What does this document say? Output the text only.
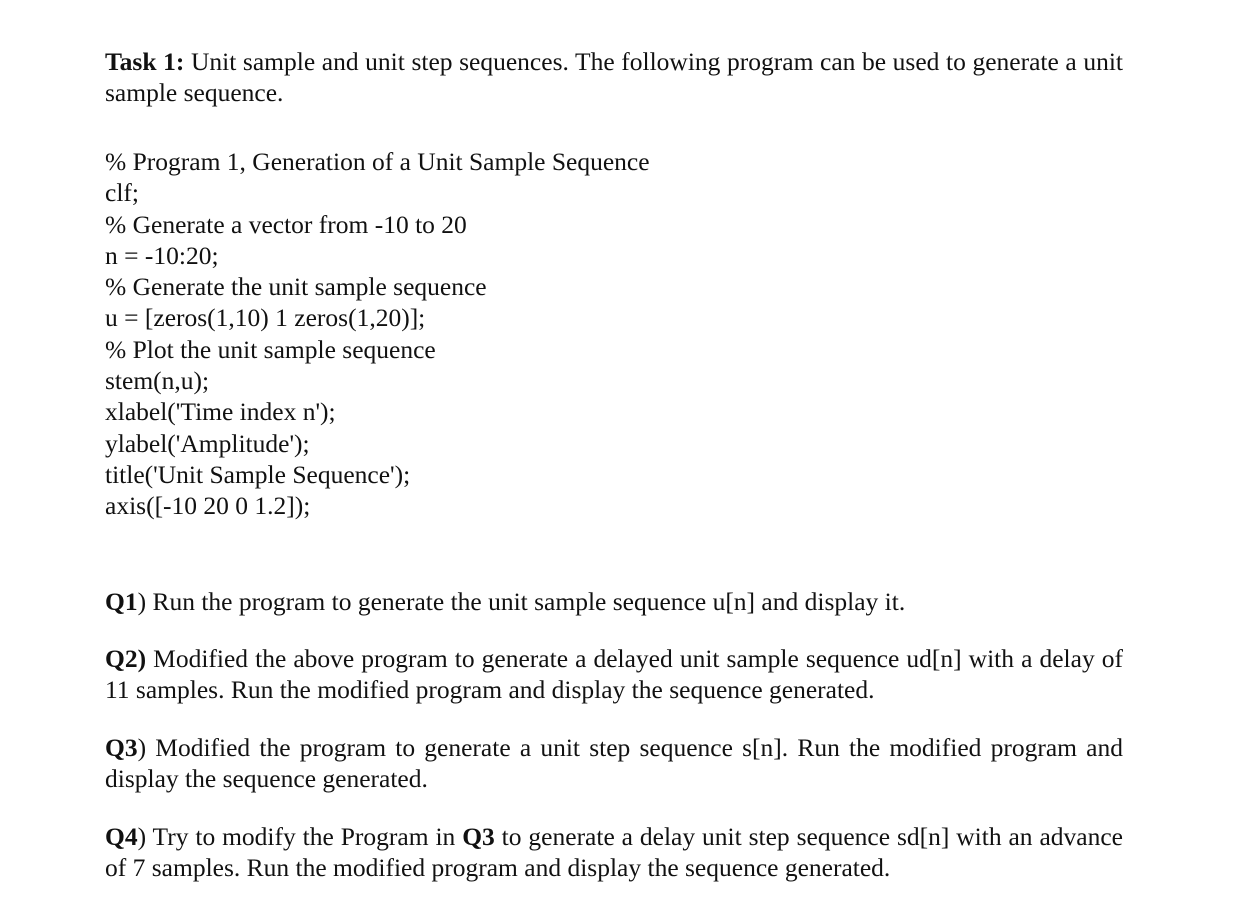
Task 1: Unit sample and unit step sequences. The following program can be used to generate a unit sample sequence.

% Program 1, Generation of a Unit Sample Sequence
clf;
% Generate a vector from -10 to 20
n = -10:20;
% Generate the unit sample sequence
u = [zeros(1,10) 1 zeros(1,20)];
% Plot the unit sample sequence
stem(n,u);
xlabel('Time index n');
ylabel('Amplitude');
title('Unit Sample Sequence');
axis([-10 20 0 1.2]);

Q1) Run the program to generate the unit sample sequence u[n] and display it.

Q2) Modified the above program to generate a delayed unit sample sequence ud[n] with a delay of 11 samples. Run the modified program and display the sequence generated.

Q3) Modified the program to generate a unit step sequence s[n]. Run the modified program and display the sequence generated.

Q4) Try to modify the Program in Q3 to generate a delay unit step sequence sd[n] with an advance of 7 samples. Run the modified program and display the sequence generated.
